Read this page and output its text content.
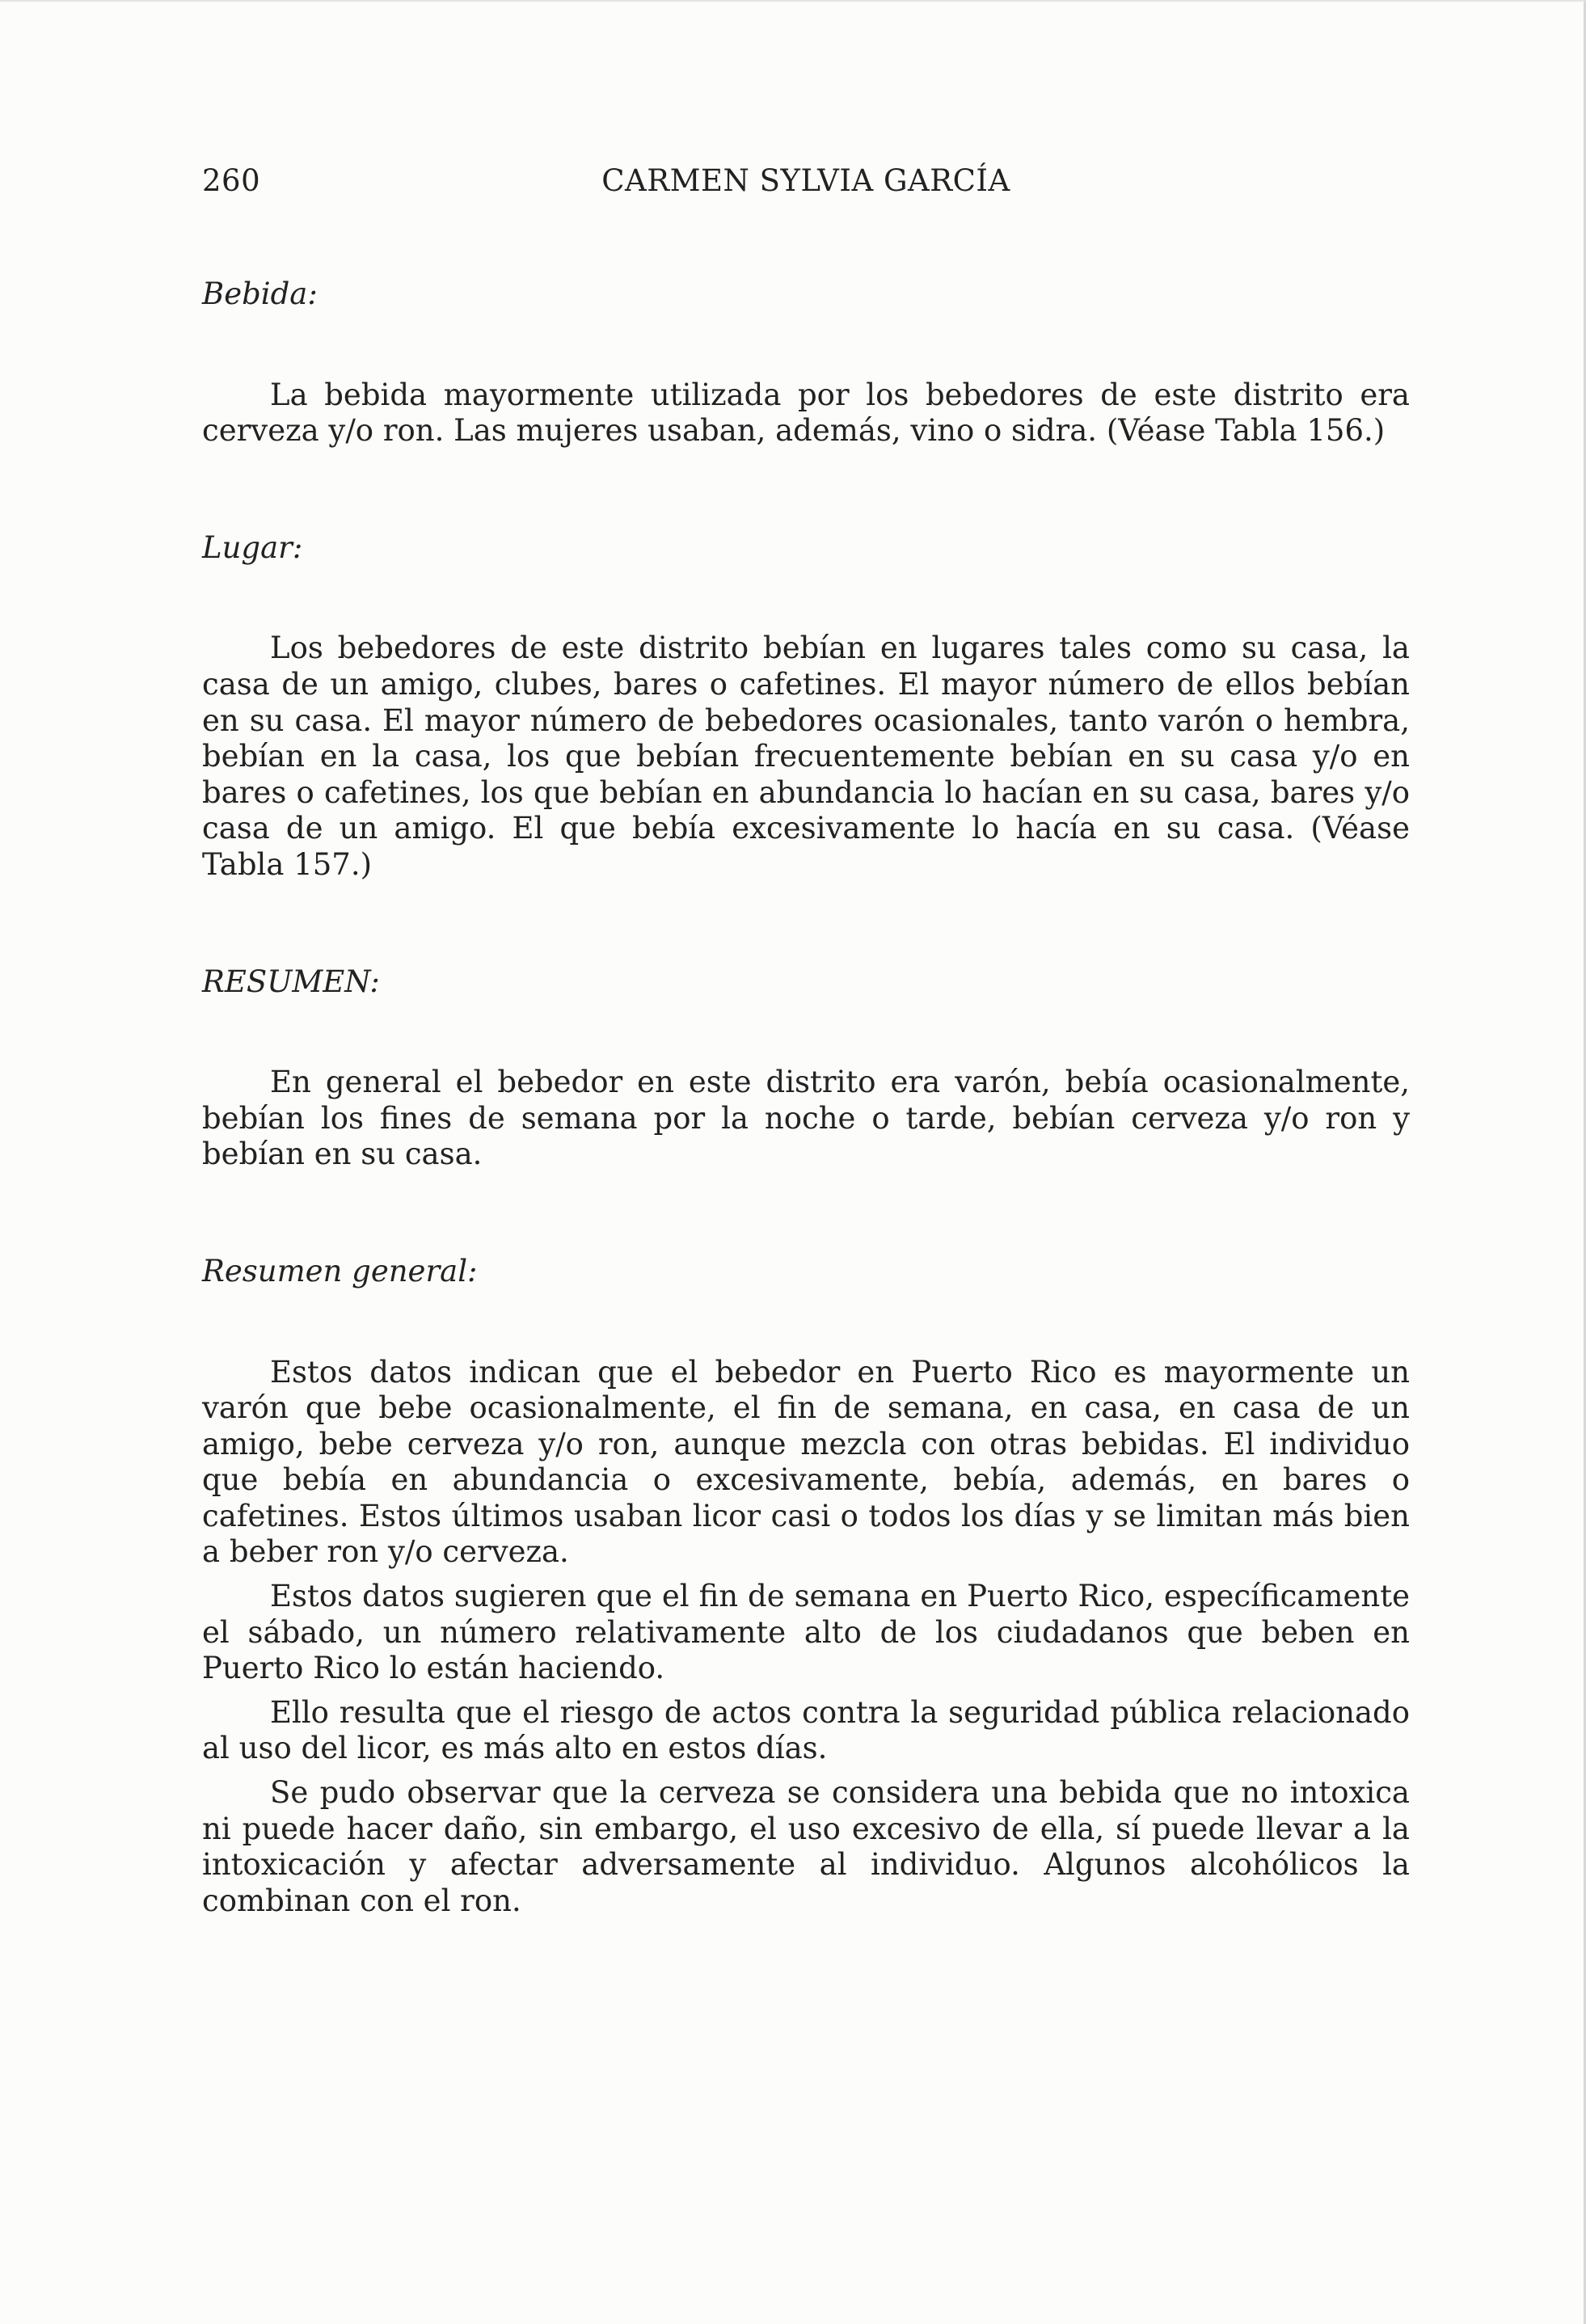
260	CARMEN SYLVIA GARCÍA

Bebida:

La bebida mayormente utilizada por los bebedores de este distrito era cerveza y/o ron. Las mujeres usaban, además, vino o sidra. (Véase Tabla 156.)

Lugar:

Los bebedores de este distrito bebían en lugares tales como su casa, la casa de un amigo, clubes, bares o cafetines. El mayor número de ellos bebían en su casa. El mayor número de bebedores ocasionales, tanto varón o hembra, bebían en la casa, los que bebían frecuentemente bebían en su casa y/o en bares o cafetines, los que bebían en abundancia lo hacían en su casa, bares y/o casa de un amigo. El que bebía excesivamente lo hacía en su casa. (Véase Tabla 157.)

RESUMEN:

En general el bebedor en este distrito era varón, bebía ocasionalmente, bebían los fines de semana por la noche o tarde, bebían cerveza y/o ron y bebían en su casa.

Resumen general:

Estos datos indican que el bebedor en Puerto Rico es mayormente un varón que bebe ocasionalmente, el fin de semana, en casa, en casa de un amigo, bebe cerveza y/o ron, aunque mezcla con otras bebidas. El individuo que bebía en abundancia o excesivamente, bebía, además, en bares o cafetines. Estos últimos usaban licor casi o todos los días y se limitan más bien a beber ron y/o cerveza.

Estos datos sugieren que el fin de semana en Puerto Rico, específicamente el sábado, un número relativamente alto de los ciudadanos que beben en Puerto Rico lo están haciendo.

Ello resulta que el riesgo de actos contra la seguridad pública relacionado al uso del licor, es más alto en estos días.

Se pudo observar que la cerveza se considera una bebida que no intoxica ni puede hacer daño, sin embargo, el uso excesivo de ella, sí puede llevar a la intoxicación y afectar adversamente al individuo. Algunos alcohólicos la combinan con el ron.
